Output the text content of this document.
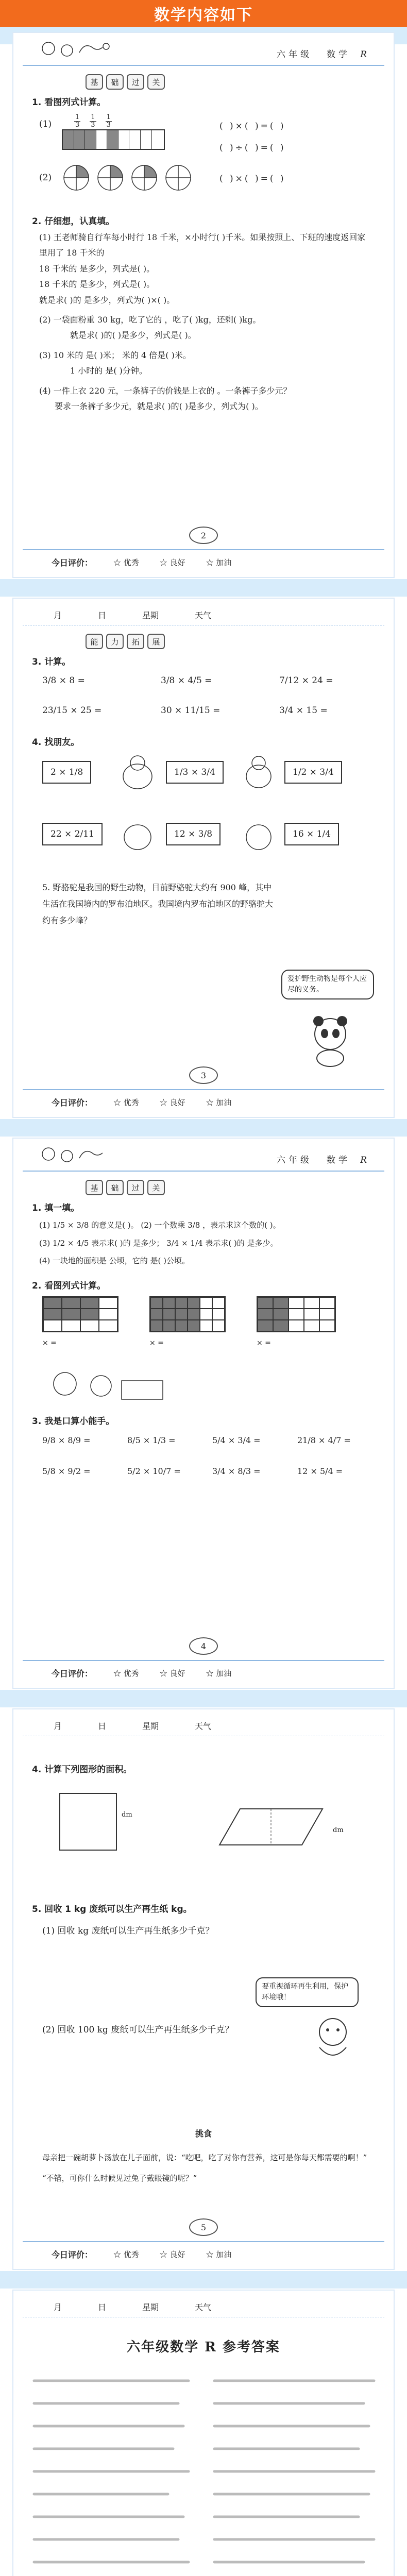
数学内容如下
六年级 数学 R
基	础	过	关
1. 看图列式计算。
(1)	$\frac{1}{3} \frac{1}{3} \frac{1}{3}$	( )×( )=( )
( )÷( )=( )
(2)	( )×( )=( )
2. 仔细想，认真填。
(1) 王老师骑自行车每小时行 18 千米，×小时行( )千米。如果按照上、下班的速度返回家里用了 18 千米的
18 千米的 是多少，列式是( )。
18 千米的 是多少，列式是( )。
就是求( )的 是多少，列式为( )×( )。
(2) 一袋面粉重 30 kg，吃了它的 ，吃了( )kg，还剩( )kg。
就是求( )的( )是多少，列式是( )。
(3) 10 米的 是( )米； 米的 4 倍是( )米。
1 小时的 是( )分钟。
(4) 一件上衣 220 元，一条裤子的价钱是上衣的 。一条裤子多少元？
要求一条裤子多少元，就是求( )的( )是多少，列式为( )。
今日评价：	☆ 优秀	☆ 良好	☆ 加油
2
月	日	星期	天气
能	力	拓	展
3. 计算。
3/8 × 8 =	3/8 × 4/5 =	7/12 × 24 =
23/15 × 25 =	30 × 11/15 =	3/4 × 15 =
4. 找朋友。
2 × 1/8	1/3 × 3/4	1/2 × 3/4
22 × 2/11	12 × 3/8	16 × 1/4
5. 野骆驼是我国的野生动物，目前野骆驼大约有 900 峰，其中 生活在我国境内的罗布泊地区。我国境内罗布泊地区的野骆驼大约有多少峰？
爱护野生动物是每个人应尽的义务。
今日评价：	☆ 优秀	☆ 良好	☆ 加油
3
六年级 数学 R
基	础	过	关
1. 填一填。
(1) 1/5 × 3/8 的意义是( )。 (2) 一个数乘 3/8 ，表示求这个数的( )。
(3) 1/2 × 4/5 表示求( )的 是多少； 3/4 × 1/4 表示求( )的 是多少。
(4) 一块地的面积是 公顷，它的 是( )公顷。
2. 看图列式计算。
× =	× =	× =
3. 我是口算小能手。
9/8 × 8/9 =	8/5 × 1/3 =	5/4 × 3/4 =	21/8 × 4/7 =
5/8 × 9/2 =	5/2 × 10/7 =	3/4 × 8/3 =	12 × 5/4 =
今日评价：	☆ 优秀	☆ 良好	☆ 加油
4
月	日	星期	天气
4. 计算下列图形的面积。
dm
dm
5. 回收 1 kg 废纸可以生产再生纸 kg。
(1) 回收 kg 废纸可以生产再生纸多少千克？
要重视循环再生利用，保护环境哦！
(2) 回收 100 kg 废纸可以生产再生纸多少千克？
挑食
母亲把一碗胡萝卜汤放在儿子面前，说：“吃吧，吃了对你有营养，这可是你每天都需要的啊！”
“不错，可你什么时候见过兔子戴眼镜的呢？”
今日评价：	☆ 优秀	☆ 良好	☆ 加油
5
月	日	星期	天气
六年级数学 R 参考答案
